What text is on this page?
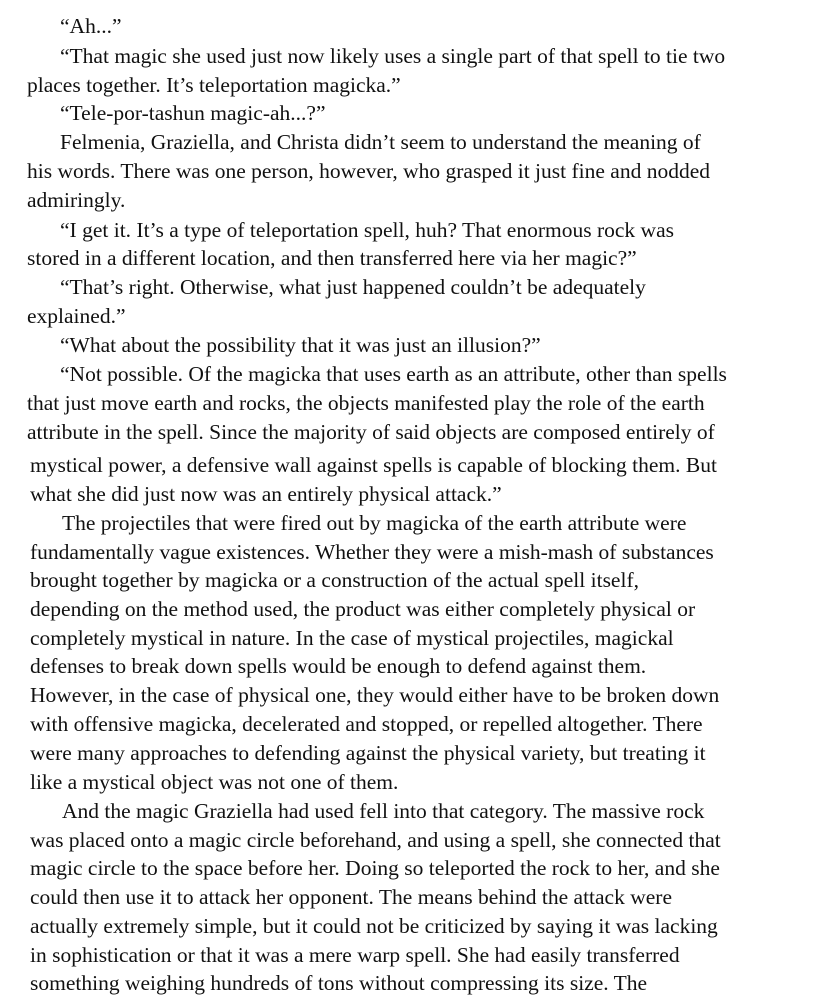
“Ah...”
“That magic she used just now likely uses a single part of that spell to tie two
places together. It’s teleportation magicka.”
“Tele-por-tashun magic-ah...?”
Felmenia, Graziella, and Christa didn’t seem to understand the meaning of
his words. There was one person, however, who grasped it just fine and nodded
admiringly.
“I get it. It’s a type of teleportation spell, huh? That enormous rock was
stored in a different location, and then transferred here via her magic?”
“That’s right. Otherwise, what just happened couldn’t be adequately
explained.”
“What about the possibility that it was just an illusion?”
“Not possible. Of the magicka that uses earth as an attribute, other than spells
that just move earth and rocks, the objects manifested play the role of the earth
attribute in the spell. Since the majority of said objects are composed entirely of
mystical power, a defensive wall against spells is capable of blocking them. But
what she did just now was an entirely physical attack.”
The projectiles that were fired out by magicka of the earth attribute were
fundamentally vague existences. Whether they were a mish-mash of substances
brought together by magicka or a construction of the actual spell itself,
depending on the method used, the product was either completely physical or
completely mystical in nature. In the case of mystical projectiles, magickal
defenses to break down spells would be enough to defend against them.
However, in the case of physical one, they would either have to be broken down
with offensive magicka, decelerated and stopped, or repelled altogether. There
were many approaches to defending against the physical variety, but treating it
like a mystical object was not one of them.
And the magic Graziella had used fell into that category. The massive rock
was placed onto a magic circle beforehand, and using a spell, she connected that
magic circle to the space before her. Doing so teleported the rock to her, and she
could then use it to attack her opponent. The means behind the attack were
actually extremely simple, but it could not be criticized by saying it was lacking
in sophistication or that it was a mere warp spell. She had easily transferred
something weighing hundreds of tons without compressing its size. The
